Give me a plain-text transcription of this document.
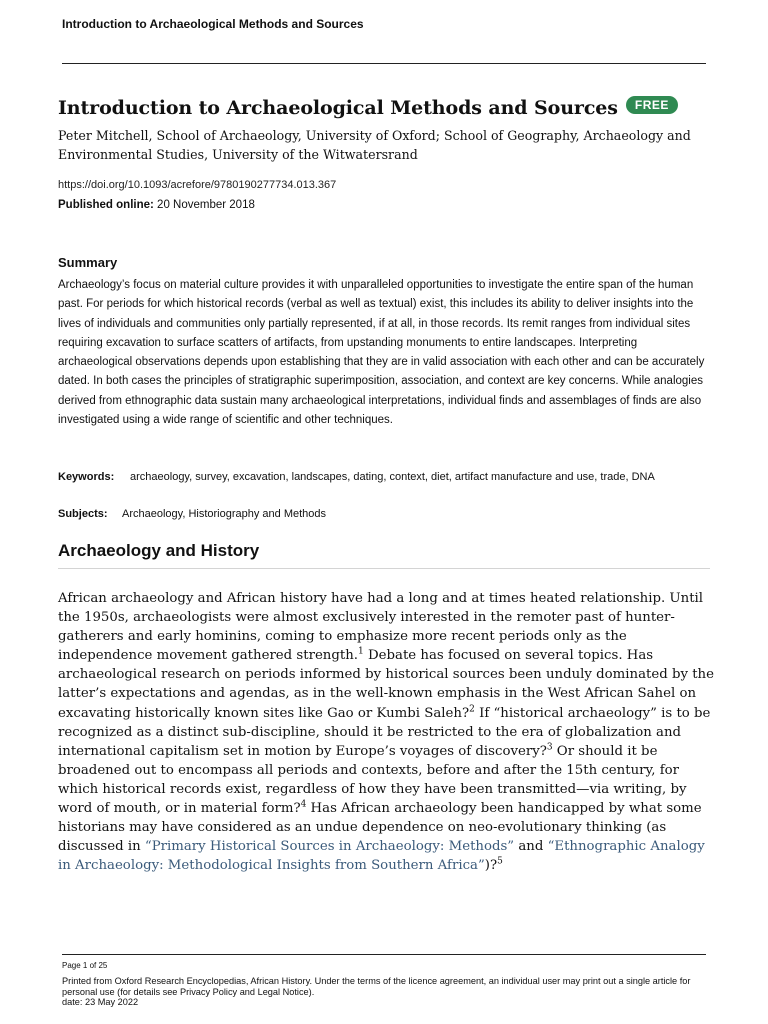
Introduction to Archaeological Methods and Sources
Introduction to Archaeological Methods and Sources	FREE
Peter Mitchell, School of Archaeology, University of Oxford; School of Geography, Archaeology and Environmental Studies, University of the Witwatersrand
https://doi.org/10.1093/acrefore/9780190277734.013.367
Published online: 20 November 2018
Summary
Archaeology’s focus on material culture provides it with unparalleled opportunities to investigate the entire span of the human past. For periods for which historical records (verbal as well as textual) exist, this includes its ability to deliver insights into the lives of individuals and communities only partially represented, if at all, in those records. Its remit ranges from individual sites requiring excavation to surface scatters of artifacts, from upstanding monuments to entire landscapes. Interpreting archaeological observations depends upon establishing that they are in valid association with each other and can be accurately dated. In both cases the principles of stratigraphic superimposition, association, and context are key concerns. While analogies derived from ethnographic data sustain many archaeological interpretations, individual finds and assemblages of finds are also investigated using a wide range of scientific and other techniques.
Keywords: archaeology, survey, excavation, landscapes, dating, context, diet, artifact manufacture and use, trade, DNA
Subjects: Archaeology, Historiography and Methods
Archaeology and History
African archaeology and African history have had a long and at times heated relationship. Until the 1950s, archaeologists were almost exclusively interested in the remoter past of hunter-gatherers and early hominins, coming to emphasize more recent periods only as the independence movement gathered strength.$^1$ Debate has focused on several topics. Has archaeological research on periods informed by historical sources been unduly dominated by the latter’s expectations and agendas, as in the well-known emphasis in the West African Sahel on excavating historically known sites like Gao or Kumbi Saleh?$^2$ If “historical archaeology” is to be recognized as a distinct sub-discipline, should it be restricted to the era of globalization and international capitalism set in motion by Europe’s voyages of discovery?$^3$ Or should it be broadened out to encompass all periods and contexts, before and after the 15th century, for which historical records exist, regardless of how they have been transmitted—via writing, by word of mouth, or in material form?$^4$ Has African archaeology been handicapped by what some historians may have considered as an undue dependence on neo-evolutionary thinking (as discussed in “Primary Historical Sources in Archaeology: Methods” and “Ethnographic Analogy in Archaeology: Methodological Insights from Southern Africa”)?$^5$
Page 1 of 25
Printed from Oxford Research Encyclopedias, African History. Under the terms of the licence agreement, an individual user may print out a single article for personal use (for details see Privacy Policy and Legal Notice).
date: 23 May 2022
